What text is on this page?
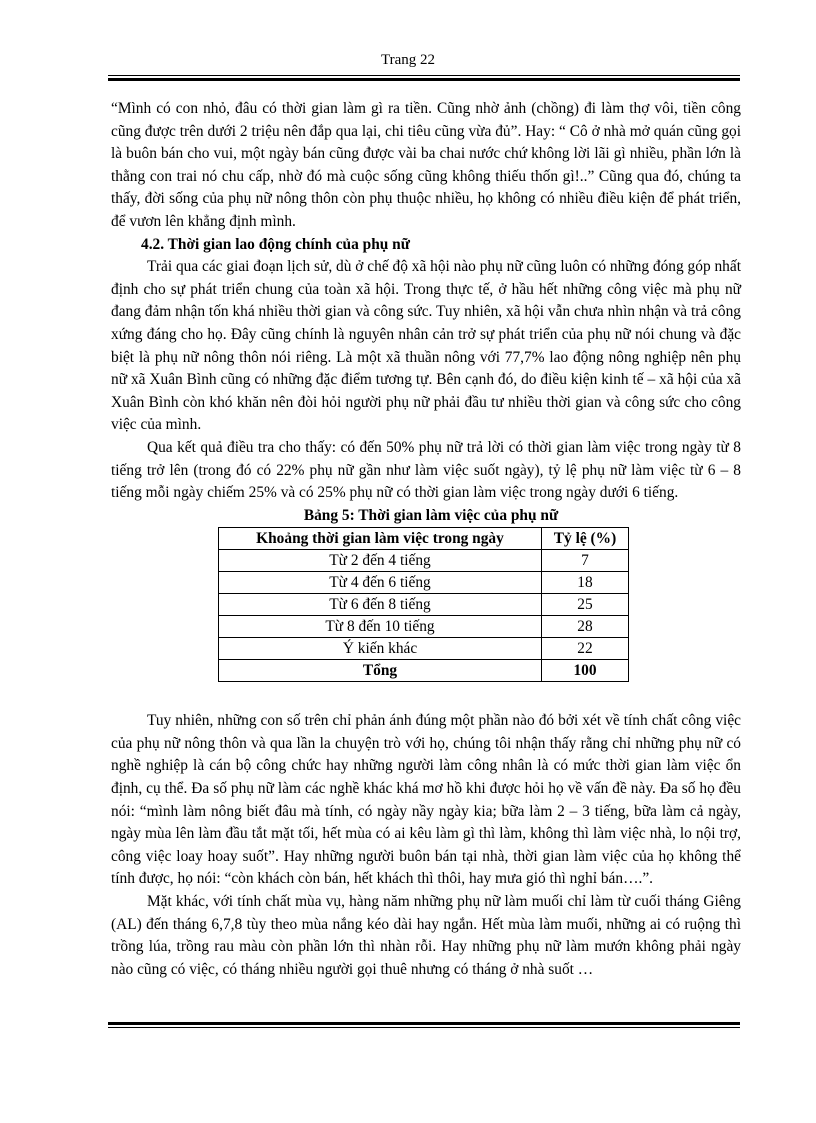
Trang 22

“Mình có con nhỏ, đâu có thời gian làm gì ra tiền. Cũng nhờ ảnh (chồng) đi làm thợ vôi, tiền công cũng được trên dưới 2 triệu nên đắp qua lại, chi tiêu cũng vừa đủ”. Hay: “ Cô ở nhà mở quán cũng gọi là buôn bán cho vui, một ngày bán cũng được vài ba chai nước chứ không lời lãi gì nhiều, phần lớn là thằng con trai nó chu cấp, nhờ đó mà cuộc sống cũng không thiếu thốn gì!..” Cũng qua đó, chúng ta thấy, đời sống của phụ nữ nông thôn còn phụ thuộc nhiều, họ không có nhiều điều kiện để phát triển, để vươn lên khẳng định mình.

4.2. Thời gian lao động chính của phụ nữ

Trải qua các giai đoạn lịch sử, dù ở chế độ xã hội nào phụ nữ cũng luôn có những đóng góp nhất định cho sự phát triển chung của toàn xã hội. Trong thực tế, ở hầu hết những công việc mà phụ nữ đang đảm nhận tốn khá nhiều thời gian và công sức. Tuy nhiên, xã hội vẫn chưa nhìn nhận và trả công xứng đáng cho họ. Đây cũng chính là nguyên nhân cản trở sự phát triển của phụ nữ nói chung và đặc biệt là phụ nữ nông thôn nói riêng. Là một xã thuần nông với 77,7% lao động nông nghiệp nên phụ nữ xã Xuân Bình cũng có những đặc điểm tương tự. Bên cạnh đó, do điều kiện kinh tế – xã hội của xã Xuân Bình còn khó khăn nên đòi hỏi người phụ nữ phải đầu tư nhiều thời gian và công sức cho công việc của mình.

Qua kết quả điều tra cho thấy: có đến 50% phụ nữ trả lời có thời gian làm việc trong ngày từ 8 tiếng trở lên (trong đó có 22% phụ nữ gần như làm việc suốt ngày), tỷ lệ phụ nữ làm việc từ 6 – 8 tiếng mỗi ngày chiếm 25% và có 25% phụ nữ có thời gian làm việc trong ngày dưới 6 tiếng.

Bảng 5: Thời gian làm việc của phụ nữ

Khoảng thời gian làm việc trong ngày	Tỷ lệ (%)
Từ 2 đến 4 tiếng	7
Từ 4 đến 6 tiếng	18
Từ 6 đến 8 tiếng	25
Từ 8 đến 10 tiếng	28
Ý kiến khác	22
Tổng	100

Tuy nhiên, những con số trên chỉ phản ánh đúng một phần nào đó bởi xét về tính chất công việc của phụ nữ nông thôn và qua lần la chuyện trò với họ, chúng tôi nhận thấy rằng chỉ những phụ nữ có nghề nghiệp là cán bộ công chức hay những người làm công nhân là có mức thời gian làm việc ổn định, cụ thể. Đa số phụ nữ làm các nghề khác khá mơ hồ khi được hỏi họ về vấn đề này. Đa số họ đều nói: “mình làm nông biết đâu mà tính, có ngày nầy ngày kia; bữa làm 2 – 3 tiếng, bữa làm cả ngày, ngày mùa lên làm đầu tắt mặt tối, hết mùa có ai kêu làm gì thì làm, không thì làm việc nhà, lo nội trợ, công việc loay hoay suốt”. Hay những người buôn bán tại nhà, thời gian làm việc của họ không thể tính được, họ nói: “còn khách còn bán, hết khách thì thôi, hay mưa gió thì nghỉ bán….”.

Mặt khác, với tính chất mùa vụ, hàng năm những phụ nữ làm muối chỉ làm từ cuối tháng Giêng (AL) đến tháng 6,7,8 tùy theo mùa nắng kéo dài hay ngắn. Hết mùa làm muối, những ai có ruộng thì trồng lúa, trồng rau màu còn phần lớn thì nhàn rỗi. Hay những phụ nữ làm mướn không phải ngày nào cũng có việc, có tháng nhiều người gọi thuê nhưng có tháng ở nhà suốt …
